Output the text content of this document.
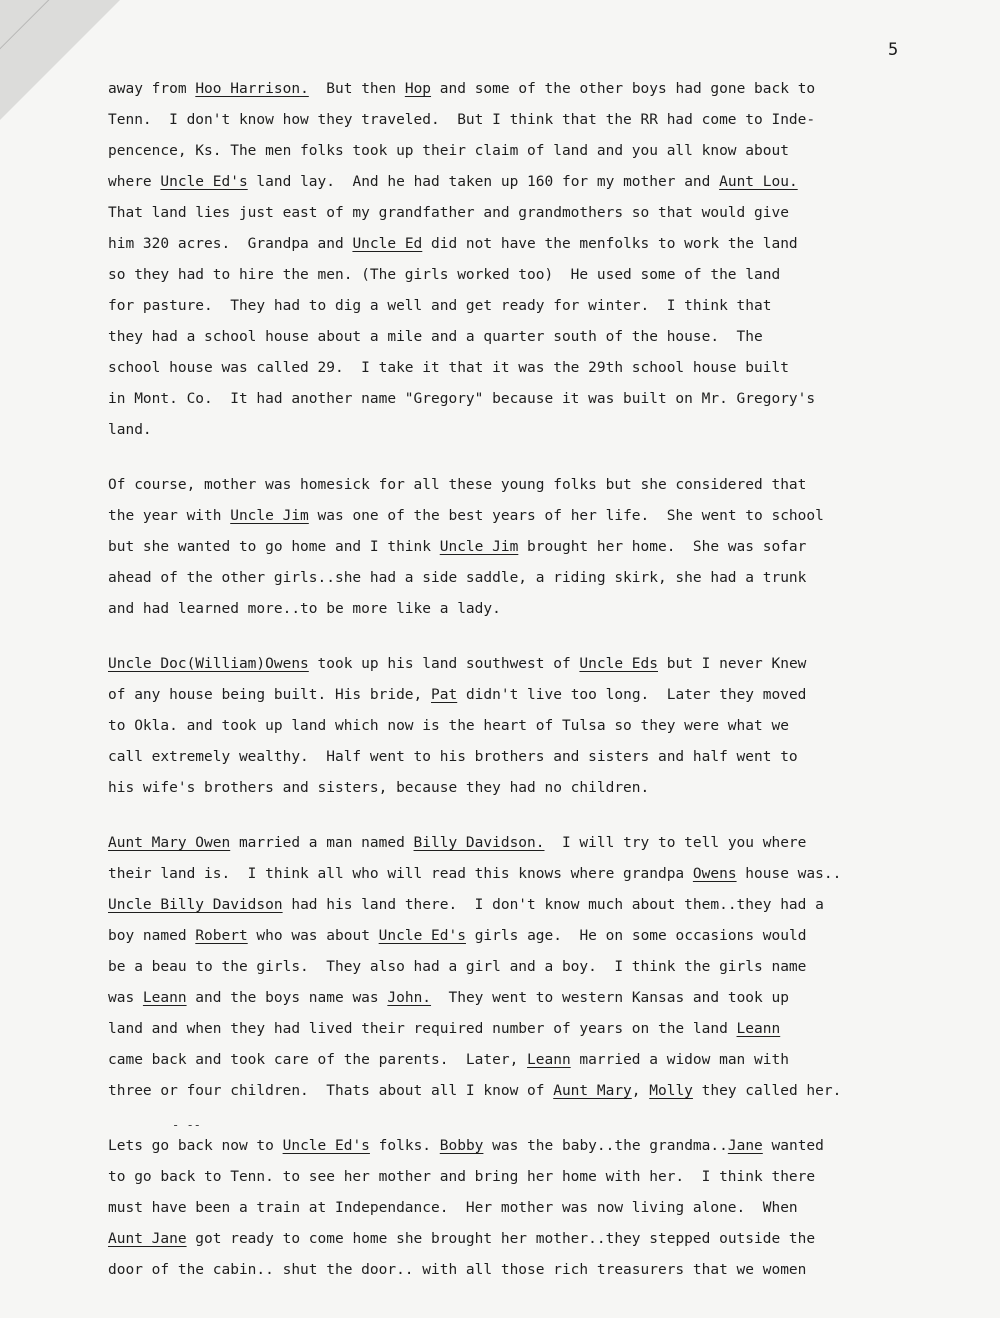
5
away from Hoo Harrison.  But then Hop and some of the other boys had gone back to
Tenn.  I don't know how they traveled.  But I think that the RR had come to Inde-
pencence, Ks. The men folks took up their claim of land and you all know about
where Uncle Ed's land lay.  And he had taken up 160 for my mother and Aunt Lou.
That land lies just east of my grandfather and grandmothers so that would give
him 320 acres.  Grandpa and Uncle Ed did not have the menfolks to work the land
so they had to hire the men. (The girls worked too)  He used some of the land
for pasture.  They had to dig a well and get ready for winter.  I think that
they had a school house about a mile and a quarter south of the house.  The
school house was called 29.  I take it that it was the 29th school house built
in Mont. Co.  It had another name "Gregory" because it was built on Mr. Gregory's
land.
Of course, mother was homesick for all these young folks but she considered that
the year with Uncle Jim was one of the best years of her life.  She went to school
but she wanted to go home and I think Uncle Jim brought her home.  She was sofar
ahead of the other girls..she had a side saddle, a riding skirk, she had a trunk
and had learned more..to be more like a lady.
Uncle Doc(William)Owens took up his land southwest of Uncle Eds but I never Knew
of any house being built. His bride, Pat didn't live too long.  Later they moved
to Okla. and took up land which now is the heart of Tulsa so they were what we
call extremely wealthy.  Half went to his brothers and sisters and half went to
his wife's brothers and sisters, because they had no children.
Aunt Mary Owen married a man named Billy Davidson.  I will try to tell you where
their land is.  I think all who will read this knows where grandpa Owens house was..
Uncle Billy Davidson had his land there.  I don't know much about them..they had a
boy named Robert who was about Uncle Ed's girls age.  He on some occasions would
be a beau to the girls.  They also had a girl and a boy.  I think the girls name
was Leann and the boys name was John.  They went to western Kansas and took up
land and when they had lived their required number of years on the land Leann
came back and took care of the parents.  Later, Leann married a widow man with
three or four children.  Thats about all I know of Aunt Mary, Molly they called her.
Lets go back now to Uncle Ed's folks. Bobby was the baby..the grandma..Jane wanted
to go back to Tenn. to see her mother and bring her home with her.  I think there
must have been a train at Independance.  Her mother was now living alone.  When
Aunt Jane got ready to come home she brought her mother..they stepped outside the
door of the cabin.. shut the door.. with all those rich treasurers that we women
- --
